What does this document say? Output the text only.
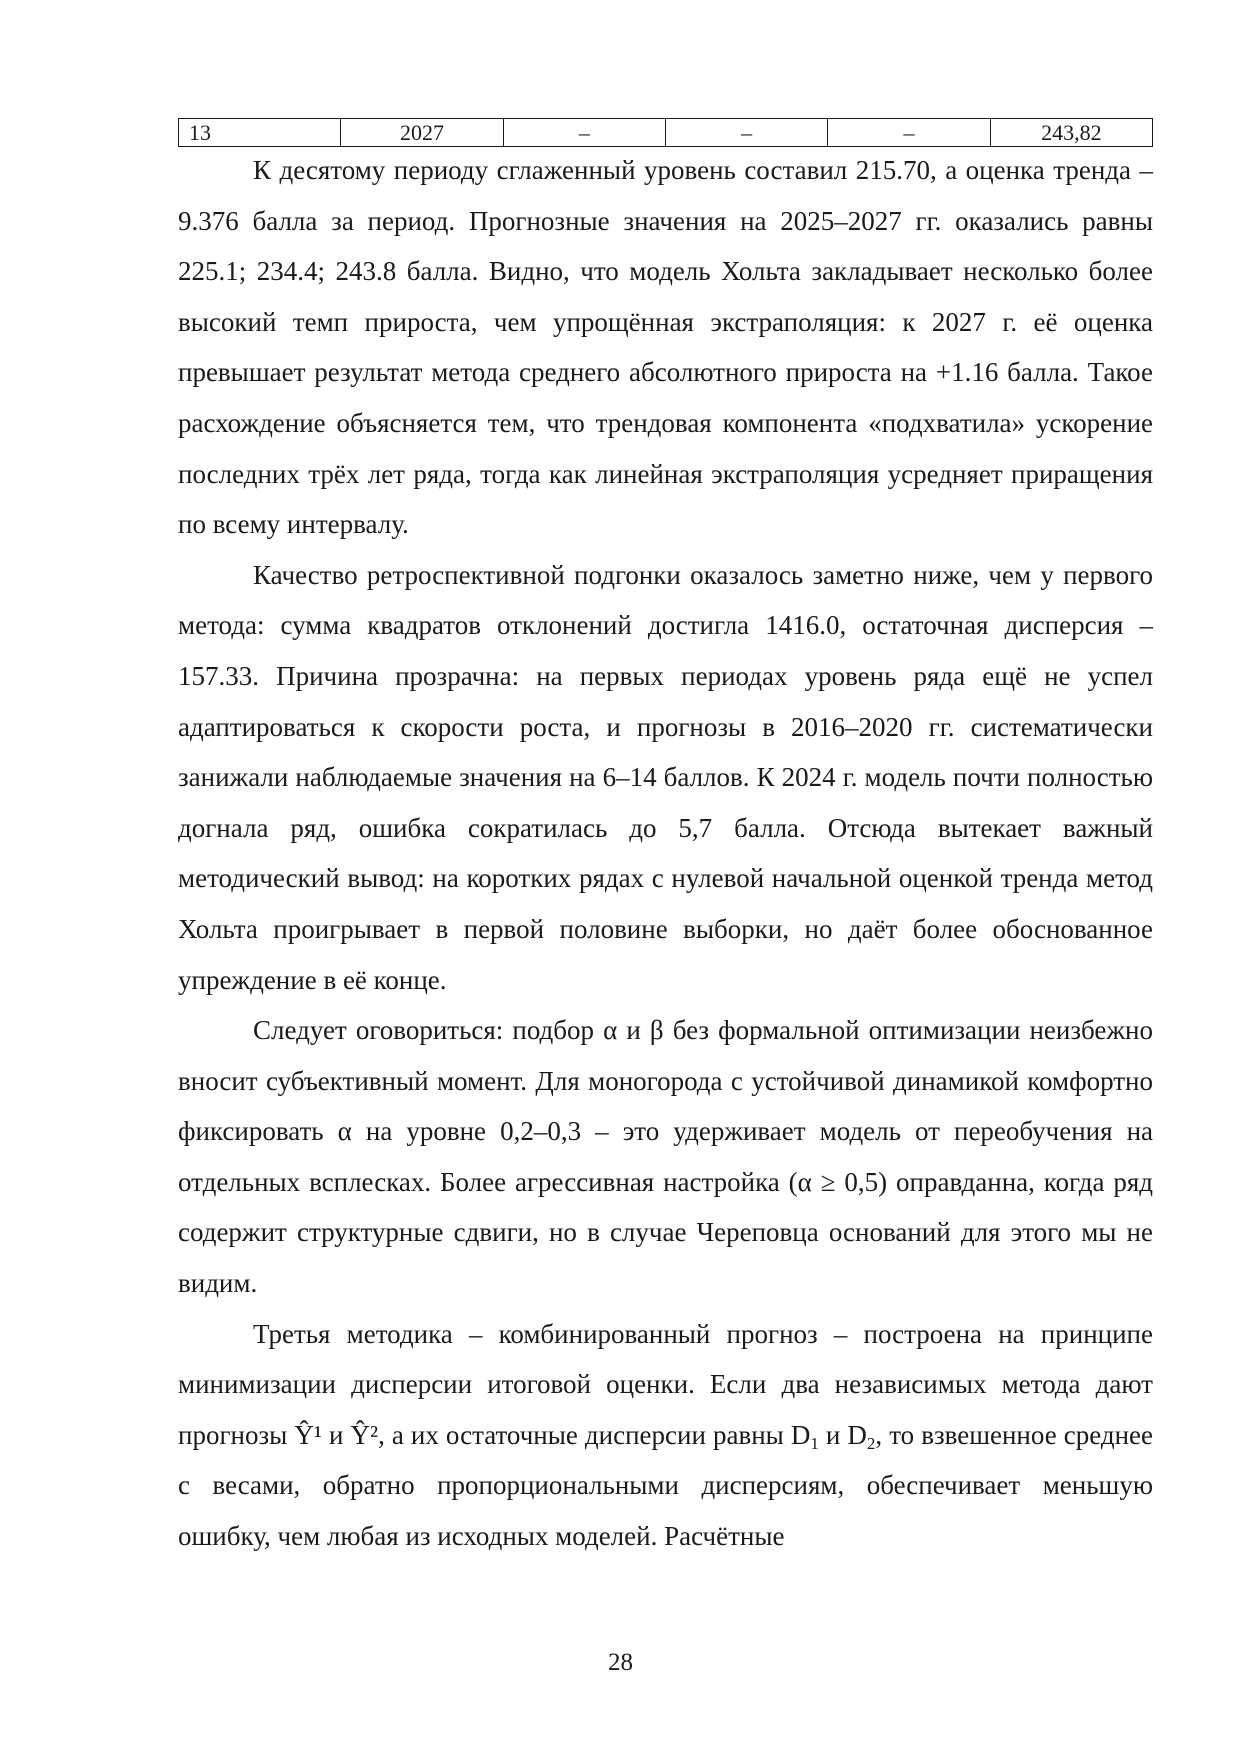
13	2027	–	–	–	243,82

К десятому периоду сглаженный уровень составил 215.70, а оценка тренда – 9.376 балла за период. Прогнозные значения на 2025–2027 гг. оказались равны 225.1; 234.4; 243.8 балла. Видно, что модель Хольта закладывает несколько более высокий темп прироста, чем упрощённая экстраполяция: к 2027 г. её оценка превышает результат метода среднего абсолютного прироста на +1.16 балла. Такое расхождение объясняется тем, что трендовая компонента «подхватила» ускорение последних трёх лет ряда, тогда как линейная экстраполяция усредняет приращения по всему интервалу.

Качество ретроспективной подгонки оказалось заметно ниже, чем у первого метода: сумма квадратов отклонений достигла 1416.0, остаточная дисперсия – 157.33. Причина прозрачна: на первых периодах уровень ряда ещё не успел адаптироваться к скорости роста, и прогнозы в 2016–2020 гг. систематически занижали наблюдаемые значения на 6–14 баллов. К 2024 г. модель почти полностью догнала ряд, ошибка сократилась до 5,7 балла. Отсюда вытекает важный методический вывод: на коротких рядах с нулевой начальной оценкой тренда метод Хольта проигрывает в первой половине выборки, но даёт более обоснованное упреждение в её конце.

Следует оговориться: подбор α и β без формальной оптимизации неизбежно вносит субъективный момент. Для моногорода с устойчивой динамикой комфортно фиксировать α на уровне 0,2–0,3 – это удерживает модель от переобучения на отдельных всплесках. Более агрессивная настройка (α ≥ 0,5) оправданна, когда ряд содержит структурные сдвиги, но в случае Череповца оснований для этого мы не видим.

Третья методика – комбинированный прогноз – построена на принципе минимизации дисперсии итоговой оценки. Если два независимых метода дают прогнозы Ŷ¹ и Ŷ², а их остаточные дисперсии равны $D_1$ и $D_2$, то взвешенное среднее с весами, обратно пропорциональными дисперсиям, обеспечивает меньшую ошибку, чем любая из исходных моделей. Расчётные

28
